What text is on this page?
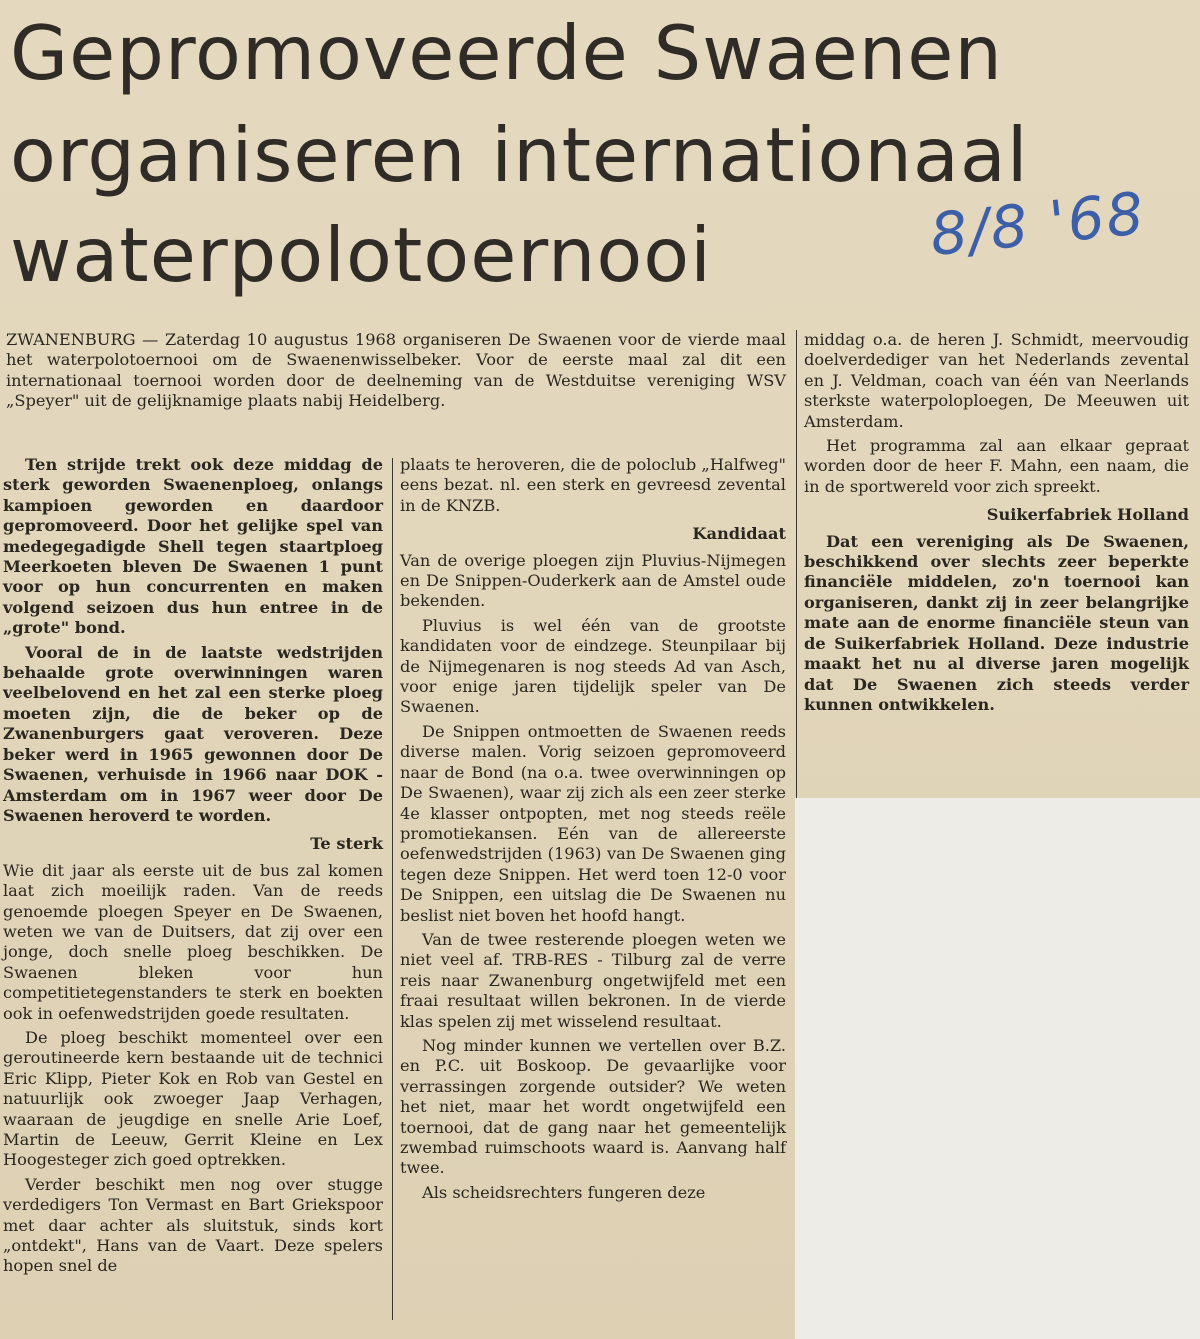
Gepromoveerde Swaenen
organiseren internationaal
waterpolotoernooi	8/8 '68

ZWANENBURG — Zaterdag 10 augustus 1968 organiseren De Swaenen voor de vierde maal het waterpolotoernooi om de Swaenenwisselbeker. Voor de eerste maal zal dit een internationaal toernooi worden door de deelneming van de Westduitse vereniging WSV „Speyer" uit de gelijknamige plaats nabij Heidelberg.

Ten strijde trekt ook deze middag de sterk geworden Swaenenploeg, onlangs kampioen geworden en daardoor gepromoveerd. Door het gelijke spel van medegegadigde Shell tegen staartploeg Meerkoeten bleven De Swaenen 1 punt voor op hun concurrenten en maken volgend seizoen dus hun entree in de „grote" bond.

Vooral de in de laatste wedstrijden behaalde grote overwinningen waren veelbelovend en het zal een sterke ploeg moeten zijn, die de beker op de Zwanenburgers gaat veroveren. Deze beker werd in 1965 gewonnen door De Swaenen, verhuisde in 1966 naar DOK -Amsterdam om in 1967 weer door De Swaenen heroverd te worden.

Te sterk

Wie dit jaar als eerste uit de bus zal komen laat zich moeilijk raden. Van de reeds genoemde ploegen Speyer en De Swaenen, weten we van de Duitsers, dat zij over een jonge, doch snelle ploeg beschikken. De Swaenen bleken voor hun competitietegenstanders te sterk en boekten ook in oefenwedstrijden goede resultaten.

De ploeg beschikt momenteel over een geroutineerde kern bestaande uit de technici Eric Klipp, Pieter Kok en Rob van Gestel en natuurlijk ook zwoeger Jaap Verhagen, waaraan de jeugdige en snelle Arie Loef, Martin de Leeuw, Gerrit Kleine en Lex Hoogesteger zich goed optrekken.

Verder beschikt men nog over stugge verdedigers Ton Vermast en Bart Griekspoor met daar achter als sluitstuk, sinds kort „ontdekt", Hans van de Vaart. Deze spelers hopen snel de

plaats te heroveren, die de poloclub „Halfweg" eens bezat. nl. een sterk en gevreesd zevental in de KNZB.

Kandidaat

Van de overige ploegen zijn Pluvius-Nijmegen en De Snippen-Ouderkerk aan de Amstel oude bekenden.

Pluvius is wel één van de grootste kandidaten voor de eindzege. Steunpilaar bij de Nijmegenaren is nog steeds Ad van Asch, voor enige jaren tijdelijk speler van De Swaenen.

De Snippen ontmoetten de Swaenen reeds diverse malen. Vorig seizoen gepromoveerd naar de Bond (na o.a. twee overwinningen op De Swaenen), waar zij zich als een zeer sterke 4e klasser ontpopten, met nog steeds reële promotiekansen. Eén van de allereerste oefenwedstrijden (1963) van De Swaenen ging tegen deze Snippen. Het werd toen 12-0 voor De Snippen, een uitslag die De Swaenen nu beslist niet boven het hoofd hangt.

Van de twee resterende ploegen weten we niet veel af. TRB-RES - Tilburg zal de verre reis naar Zwanenburg ongetwijfeld met een fraai resultaat willen bekronen. In de vierde klas spelen zij met wisselend resultaat.

Nog minder kunnen we vertellen over B.Z. en P.C. uit Boskoop. De gevaarlijke voor verrassingen zorgende outsider? We weten het niet, maar het wordt ongetwijfeld een toernooi, dat de gang naar het gemeentelijk zwembad ruimschoots waard is. Aanvang half twee.

Als scheidsrechters fungeren deze

middag o.a. de heren J. Schmidt, meervoudig doelverdediger van het Nederlands zevental en J. Veldman, coach van één van Neerlands sterkste waterpoloploegen, De Meeuwen uit Amsterdam.

Het programma zal aan elkaar gepraat worden door de heer F. Mahn, een naam, die in de sportwereld voor zich spreekt.

Suikerfabriek Holland

Dat een vereniging als De Swaenen, beschikkend over slechts zeer beperkte financiële middelen, zo'n toernooi kan organiseren, dankt zij in zeer belangrijke mate aan de enorme financiële steun van de Suikerfabriek Holland. Deze industrie maakt het nu al diverse jaren mogelijk dat De Swaenen zich steeds verder kunnen ontwikkelen.
